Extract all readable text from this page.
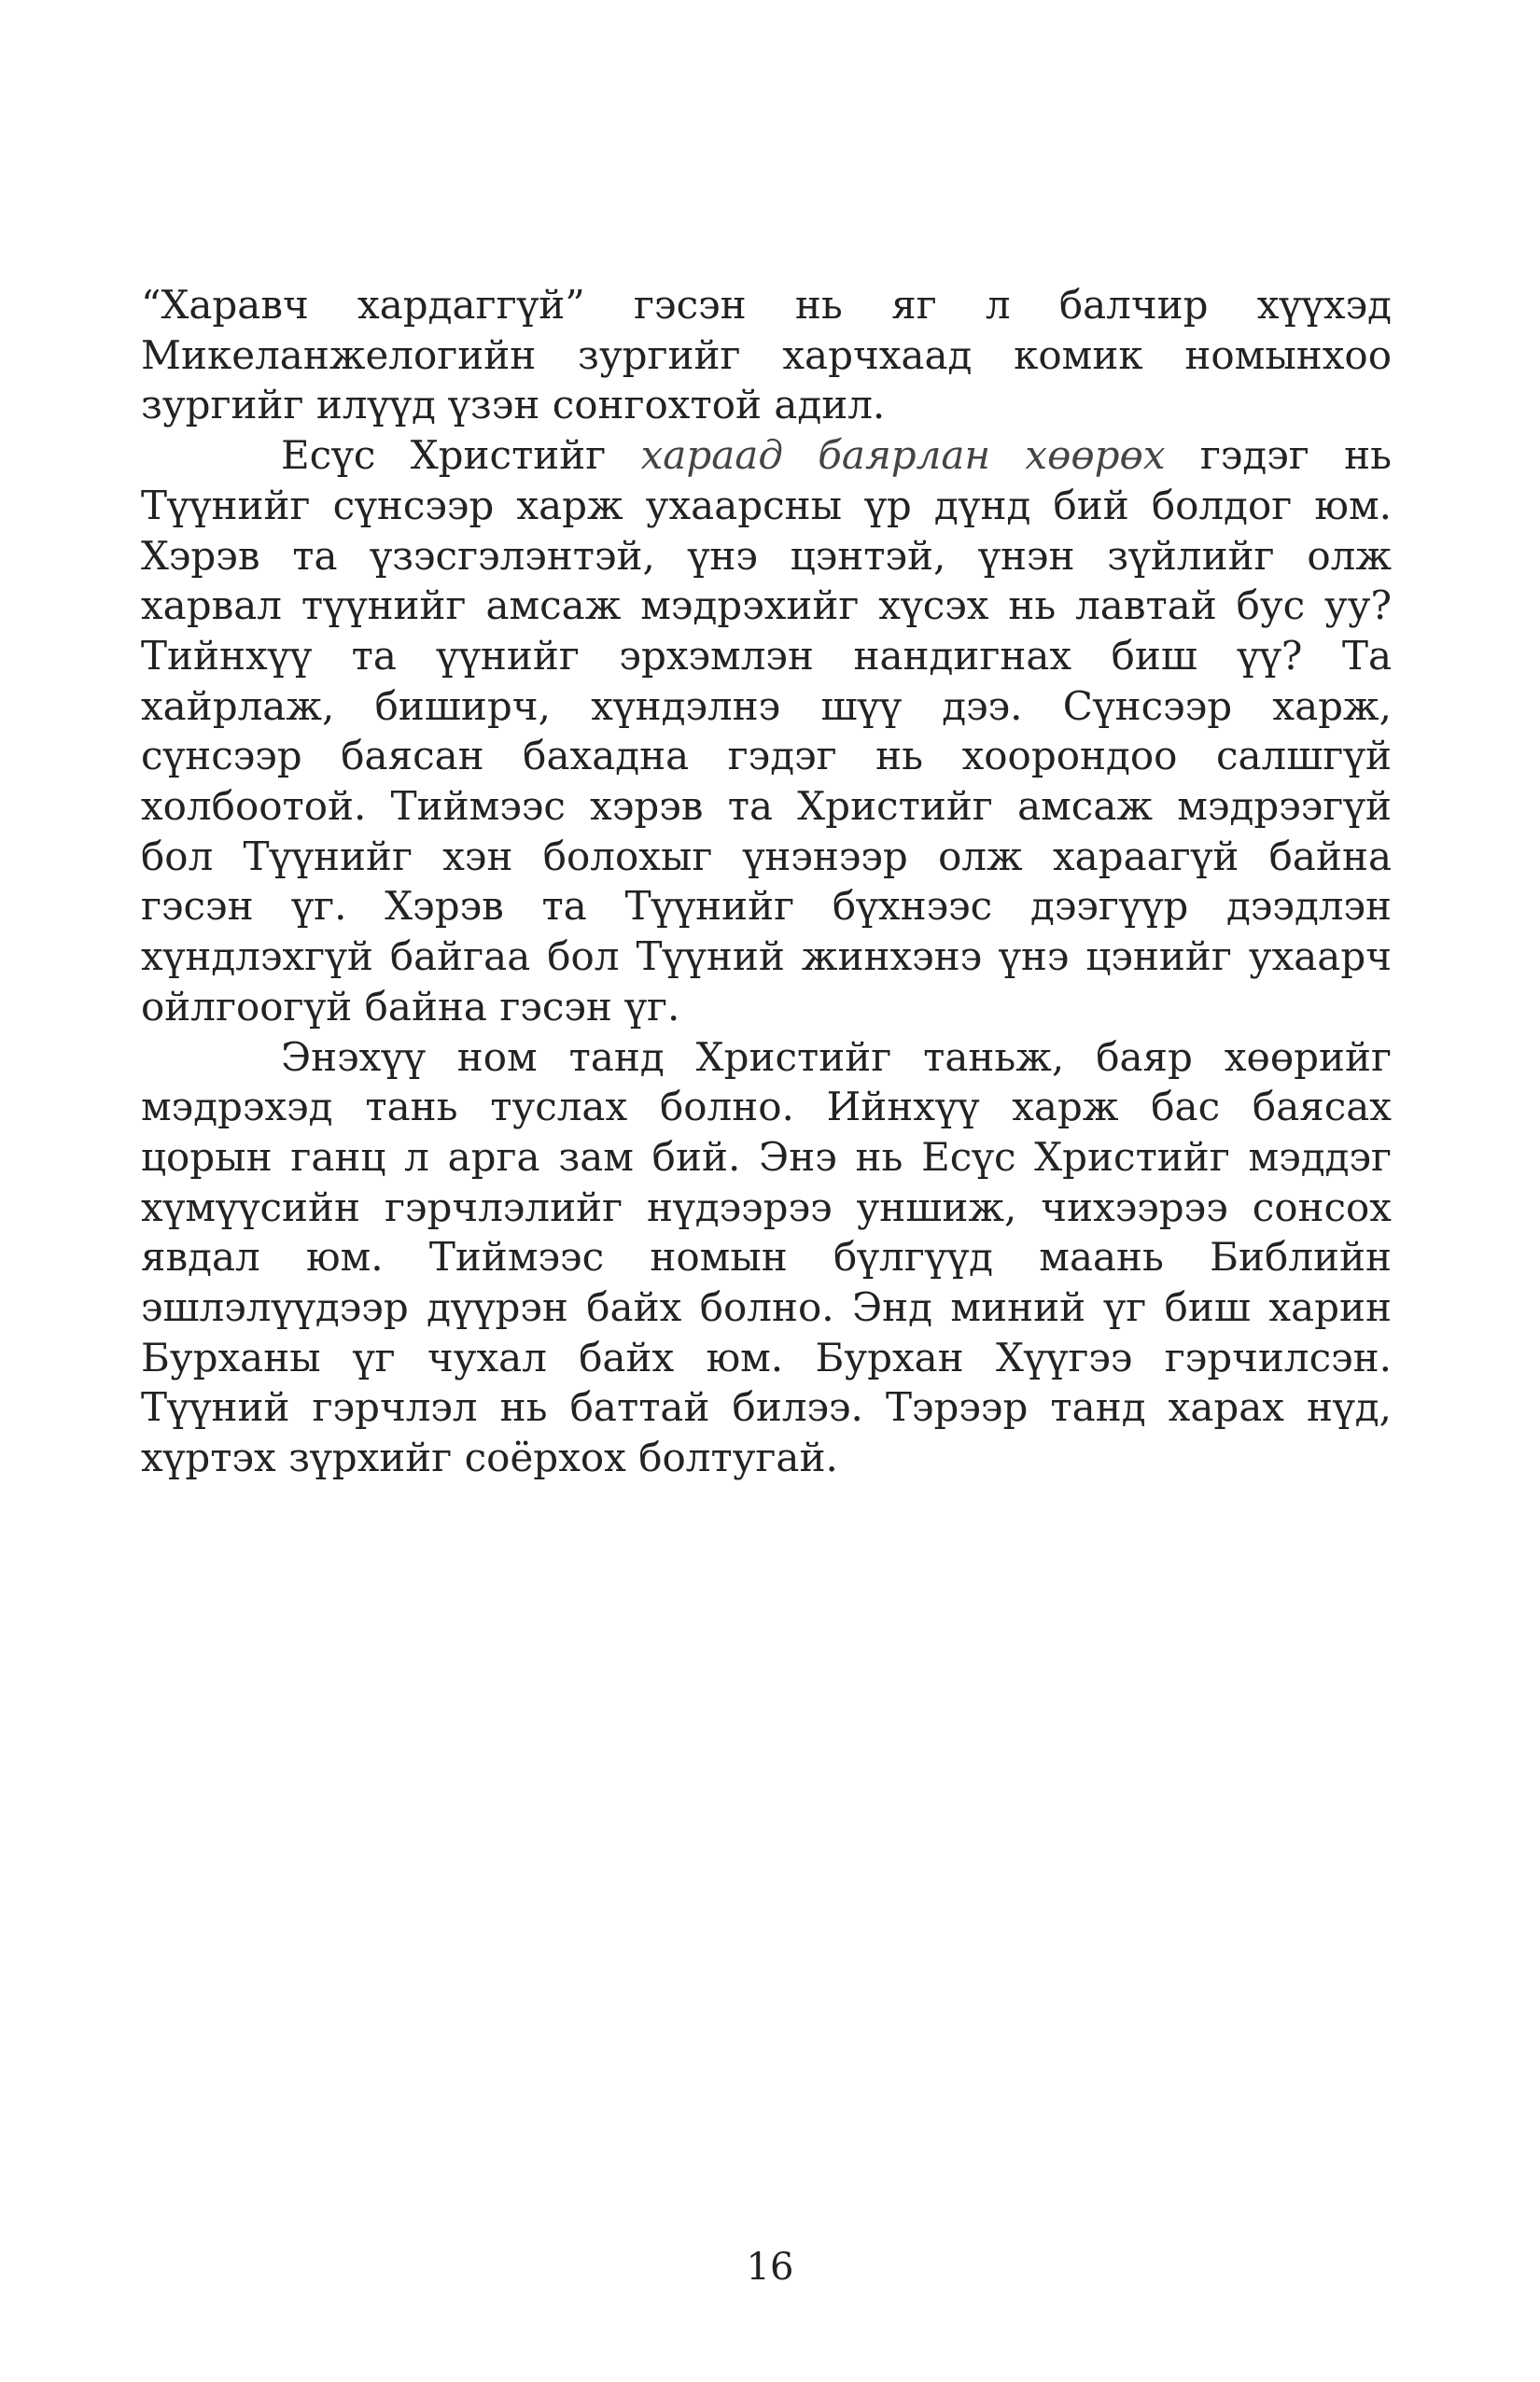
“Харавч хардаггүй” гэсэн нь яг л балчир хүүхэд Микеланжелогийн зургийг харчхаад комик номынхоо зургийг илүүд үзэн сонгохтой адил.

Есүс Христийг хараад баярлан хөөрөх гэдэг нь Түүнийг сүнсээр харж ухаарсны үр дүнд бий болдог юм. Хэрэв та үзэсгэлэнтэй, үнэ цэнтэй, үнэн зүйлийг олж харвал түүнийг амсаж мэдрэхийг хүсэх нь лавтай бус уу? Тийнхүү та үүнийг эрхэмлэн нандигнах биш үү? Та хайрлаж, биширч, хүндэлнэ шүү дээ. Сүнсээр харж, сүнсээр баясан бахадна гэдэг нь хоорондоо салшгүй холбоотой. Тиймээс хэрэв та Христийг амсаж мэдрээгүй бол Түүнийг хэн болохыг үнэнээр олж хараагүй байна гэсэн үг. Хэрэв та Түүнийг бүхнээс дээгүүр дээдлэн хүндлэхгүй байгаа бол Түүний жинхэнэ үнэ цэнийг ухаарч ойлгоогүй байна гэсэн үг.

Энэхүү ном танд Христийг таньж, баяр хөөрийг мэдрэхэд тань туслах болно. Ийнхүү харж бас баясах цорын ганц л арга зам бий. Энэ нь Есүс Христийг мэддэг хүмүүсийн гэрчлэлийг нүдээрээ уншиж, чихээрээ сонсох явдал юм. Тиймээс номын бүлгүүд маань Библийн эшлэлүүдээр дүүрэн байх болно. Энд миний үг биш харин Бурханы үг чухал байх юм. Бурхан Хүүгээ гэрчилсэн. Түүний гэрчлэл нь баттай билээ. Тэрээр танд харах нүд, хүртэх зүрхийг соёрхох болтугай.

16
